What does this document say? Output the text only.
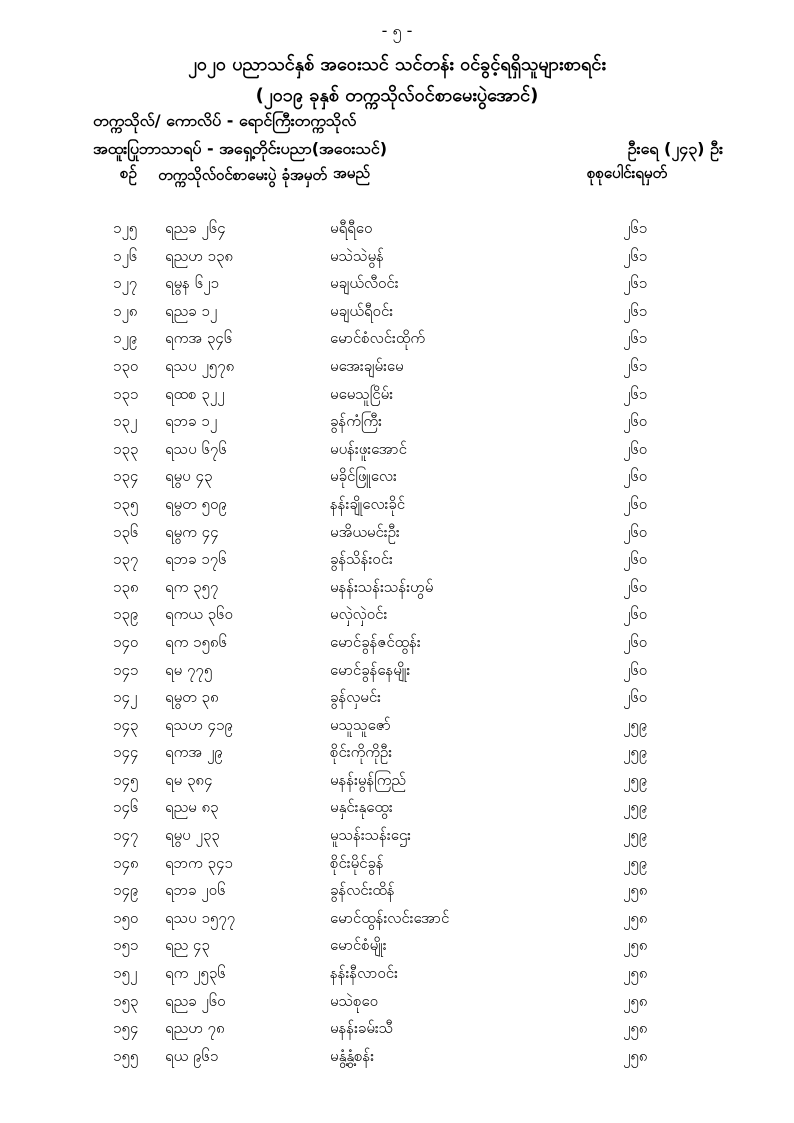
- ၅ -
၂၀၂၀ ပညာသင်နှစ် အဝေးသင် သင်တန်း ဝင်ခွင့်ရရှိသူများစာရင်း
(၂၀၁၉ ခုနှစ် တက္ကသိုလ်ဝင်စာမေးပွဲအောင်)
တက္ကသိုလ်/ ကောလိပ် - ‌ရောင်ကြီးတက္ကသိုလ်
အထူးပြုဘာသာရပ် - အရှေ့တိုင်းပညာ(အဝေးသင်)	ဦးရေ (၂၄၃) ဦး
စဉ် တက္ကသိုလ်ဝင်စာမေးပွဲ ခုံအမှတ် အမည်	စုစုပေါင်းရမှတ်
၁၂၅ ရညခ ၂၆၄	မရီရီဝေ	၂၆၁
၁၂၆ ရညဟ ၁၃၈	မသဲသဲမွန်	၂၆၁
၁၂၇ ရမွန ၆၂၁	မချယ်လီဝင်း	၂၆၁
၁၂၈ ရညခ ၁၂	မချယ်ရီဝင်း	၂၆၁
၁၂၉ ရကအ ၃၄၆	မောင်စံလင်းထိုက်	၂၆၁
၁၃၀ ရသပ ၂၅၇၈	မအေးချမ်းမေ	၂၆၁
၁၃၁ ရထစ ၃၂၂	မမေသူငြိမ်း	၂၆၁
၁၃၂ ရဘခ ၁၂	ခွန်ကံကြီး	၂၆၀
၁၃၃ ရသပ ၆၇၆	မပန်းဖူးအောင်	၂၆၀
၁၃၄ ရမွပ ၄၃	မခိုင်ဖြူလေး	၂၆၀
၁၃၅ ရမွတ ၅၀၉	နန်းချိုလေးခိုင်	၂၆၀
၁၃၆ ရမွက ၄၄	မအိယမင်းဦး	၂၆၀
၁၃၇ ရဘခ ၁၇၆	ခွန်သိန်းဝင်း	၂၆၀
၁၃၈ ရက ၃၅၇	မနန်းသန်းသန်းဟွမ်	၂၆၀
၁၃၉ ရကယ ၃၆၀	မလှဲလှဲဝင်း	၂၆၀
၁၄၀ ရက ၁၅၈၆	မောင်ခွန်ဇင်ထွန်း	၂၆၀
၁၄၁ ရမ ၇၇၅	မောင်ခွန်နေမျိုး	၂၆၀
၁၄၂ ရမွတ ၃၈	ခွန်လှမင်း	၂၆၀
၁၄၃ ရသဟ ၄၁၉	မသူသူဇော်	၂၅၉
၁၄၄ ရကအ ၂၉	စိုင်းကိုကိုဦး	၂၅၉
၁၄၅ ရမ ၃၈၄	မနန်းမွန်ကြည်	၂၅၉
၁၄၆ ရညမ ၈၃	မနှင်းနုထွေး	၂၅၉
၁၄၇ ရမွပ ၂၃၃	မူသန်းသန်းဌေး	၂၅၉
၁၄၈ ရဘက ၃၄၁	စိုင်းမိုင်ခွန်	၂၅၉
၁၄၉ ရဘခ ၂၀၆	ခွန်လင်းထိန်	၂၅၈
၁၅၀ ရသပ ၁၅၇၇	မောင်ထွန်းလင်းအောင်	၂၅၈
၁၅၁ ရည ၄၃	မောင်စံမျိုး	၂၅၈
၁၅၂ ရက ၂၅၃၆	နန်းနီလာဝင်း	၂၅၈
၁၅၃ ရညခ ၂၆၀	မသဲစုဝေ	၂၅၈
၁၅၄ ရညဟ ၇၈	မနန်းခမ်းသီ	၂၅၈
၁၅၅ ရယ ၉၆၁	မနွံ့နွံ့စန်း	၂၅၈
